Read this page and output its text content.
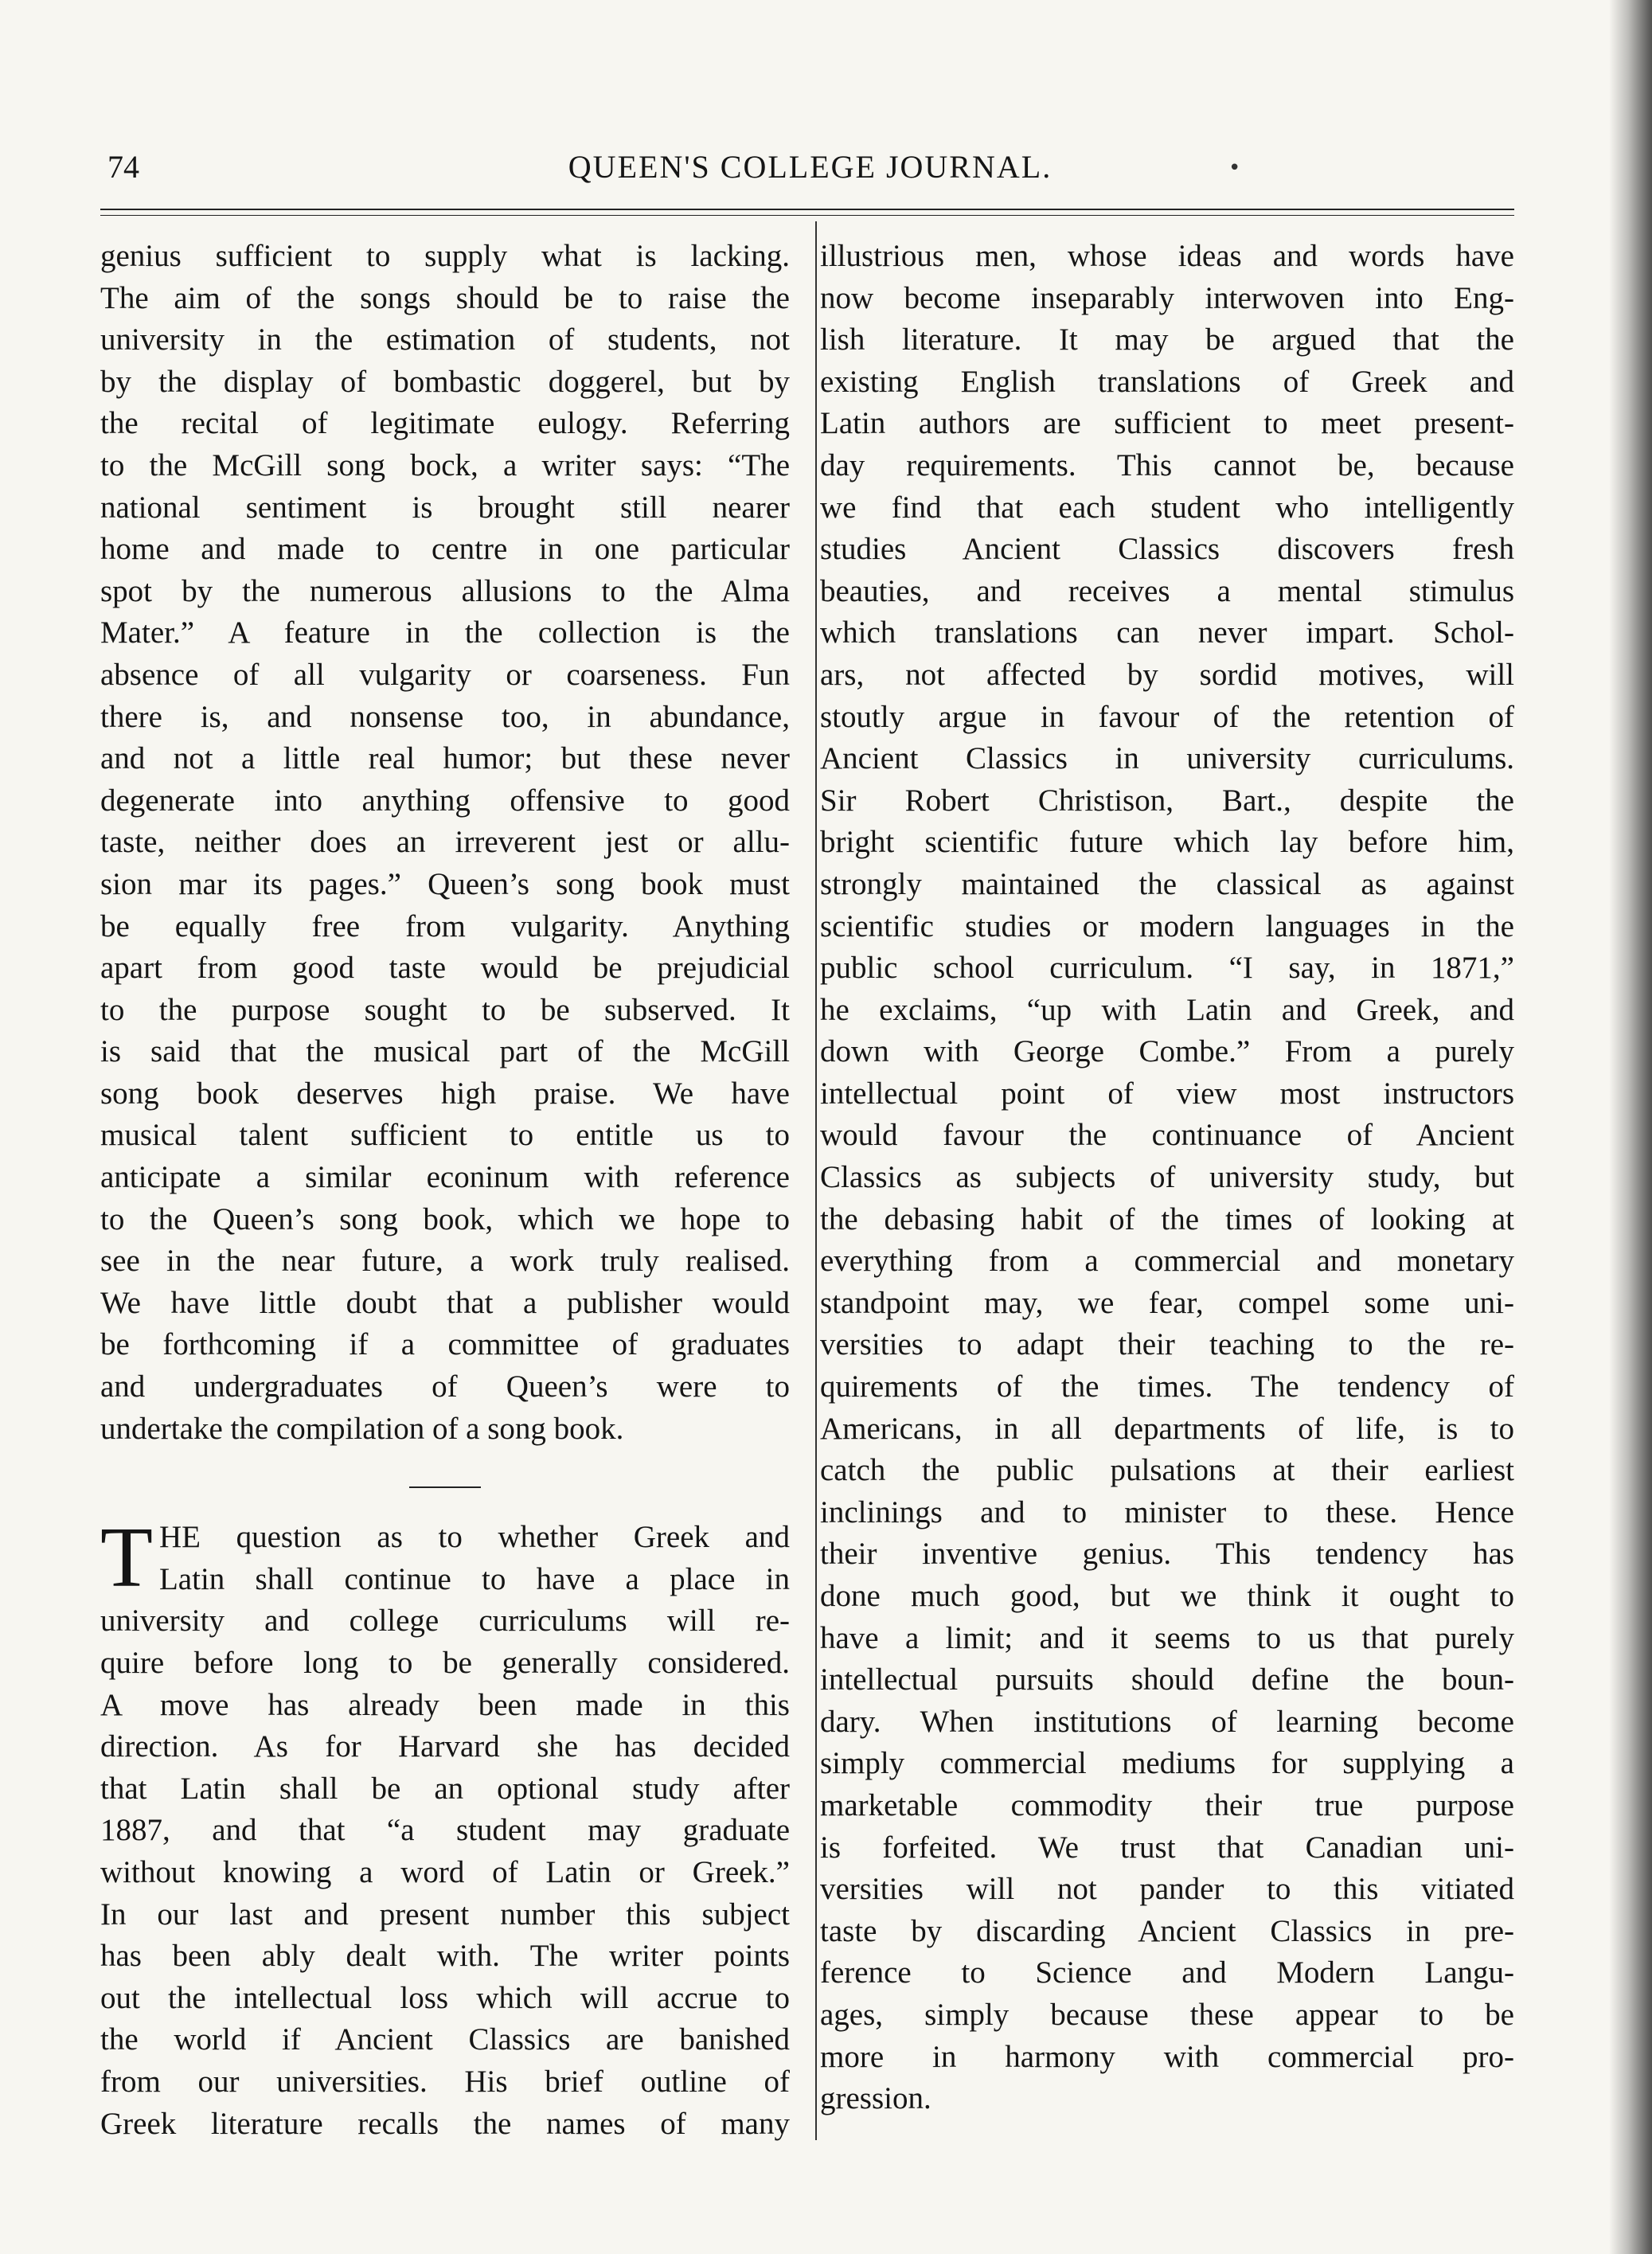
74	QUEEN'S COLLEGE JOURNAL.	•
genius sufficient to supply what is lacking.
The aim of the songs should be to raise the
university in the estimation of students, not
by the display of bombastic doggerel, but by
the recital of legitimate eulogy. Referring
to the McGill song bock, a writer says: “The
national sentiment is brought still nearer
home and made to centre in one particular
spot by the numerous allusions to the Alma
Mater.” A feature in the collection is the
absence of all vulgarity or coarseness. Fun
there is, and nonsense too, in abundance,
and not a little real humor; but these never
degenerate into anything offensive to good
taste, neither does an irreverent jest or allu-
sion mar its pages.” Queen’s song book must
be equally free from vulgarity. Anything
apart from good taste would be prejudicial
to the purpose sought to be subserved. It
is said that the musical part of the McGill
song book deserves high praise. We have
musical talent sufficient to entitle us to
anticipate a similar econinum with reference
to the Queen’s song book, which we hope to
see in the near future, a work truly realised.
We have little doubt that a publisher would
be forthcoming if a committee of graduates
and undergraduates of Queen’s were to
undertake the compilation of a song book.
T HE question as to whether Greek and
Latin shall continue to have a place in
university and college curriculums will re-
quire before long to be generally considered.
A move has already been made in this
direction. As for Harvard she has decided
that Latin shall be an optional study after
1887, and that “a student may graduate
without knowing a word of Latin or Greek.”
In our last and present number this subject
has been ably dealt with. The writer points
out the intellectual loss which will accrue to
the world if Ancient Classics are banished
from our universities. His brief outline of
Greek literature recalls the names of many
illustrious men, whose ideas and words have
now become inseparably interwoven into Eng-
lish literature. It may be argued that the
existing English translations of Greek and
Latin authors are sufficient to meet present-
day requirements. This cannot be, because
we find that each student who intelligently
studies Ancient Classics discovers fresh
beauties, and receives a mental stimulus
which translations can never impart. Schol-
ars, not affected by sordid motives, will
stoutly argue in favour of the retention of
Ancient Classics in university curriculums.
Sir Robert Christison, Bart., despite the
bright scientific future which lay before him,
strongly maintained the classical as against
scientific studies or modern languages in the
public school curriculum. “I say, in 1871,”
he exclaims, “up with Latin and Greek, and
down with George Combe.” From a purely
intellectual point of view most instructors
would favour the continuance of Ancient
Classics as subjects of university study, but
the debasing habit of the times of looking at
everything from a commercial and monetary
standpoint may, we fear, compel some uni-
versities to adapt their teaching to the re-
quirements of the times. The tendency of
Americans, in all departments of life, is to
catch the public pulsations at their earliest
inclinings and to minister to these. Hence
their inventive genius. This tendency has
done much good, but we think it ought to
have a limit; and it seems to us that purely
intellectual pursuits should define the boun-
dary. When institutions of learning become
simply commercial mediums for supplying a
marketable commodity their true purpose
is forfeited. We trust that Canadian uni-
versities will not pander to this vitiated
taste by discarding Ancient Classics in pre-
ference to Science and Modern Langu-
ages, simply because these appear to be
more in harmony with commercial pro-
gression.
